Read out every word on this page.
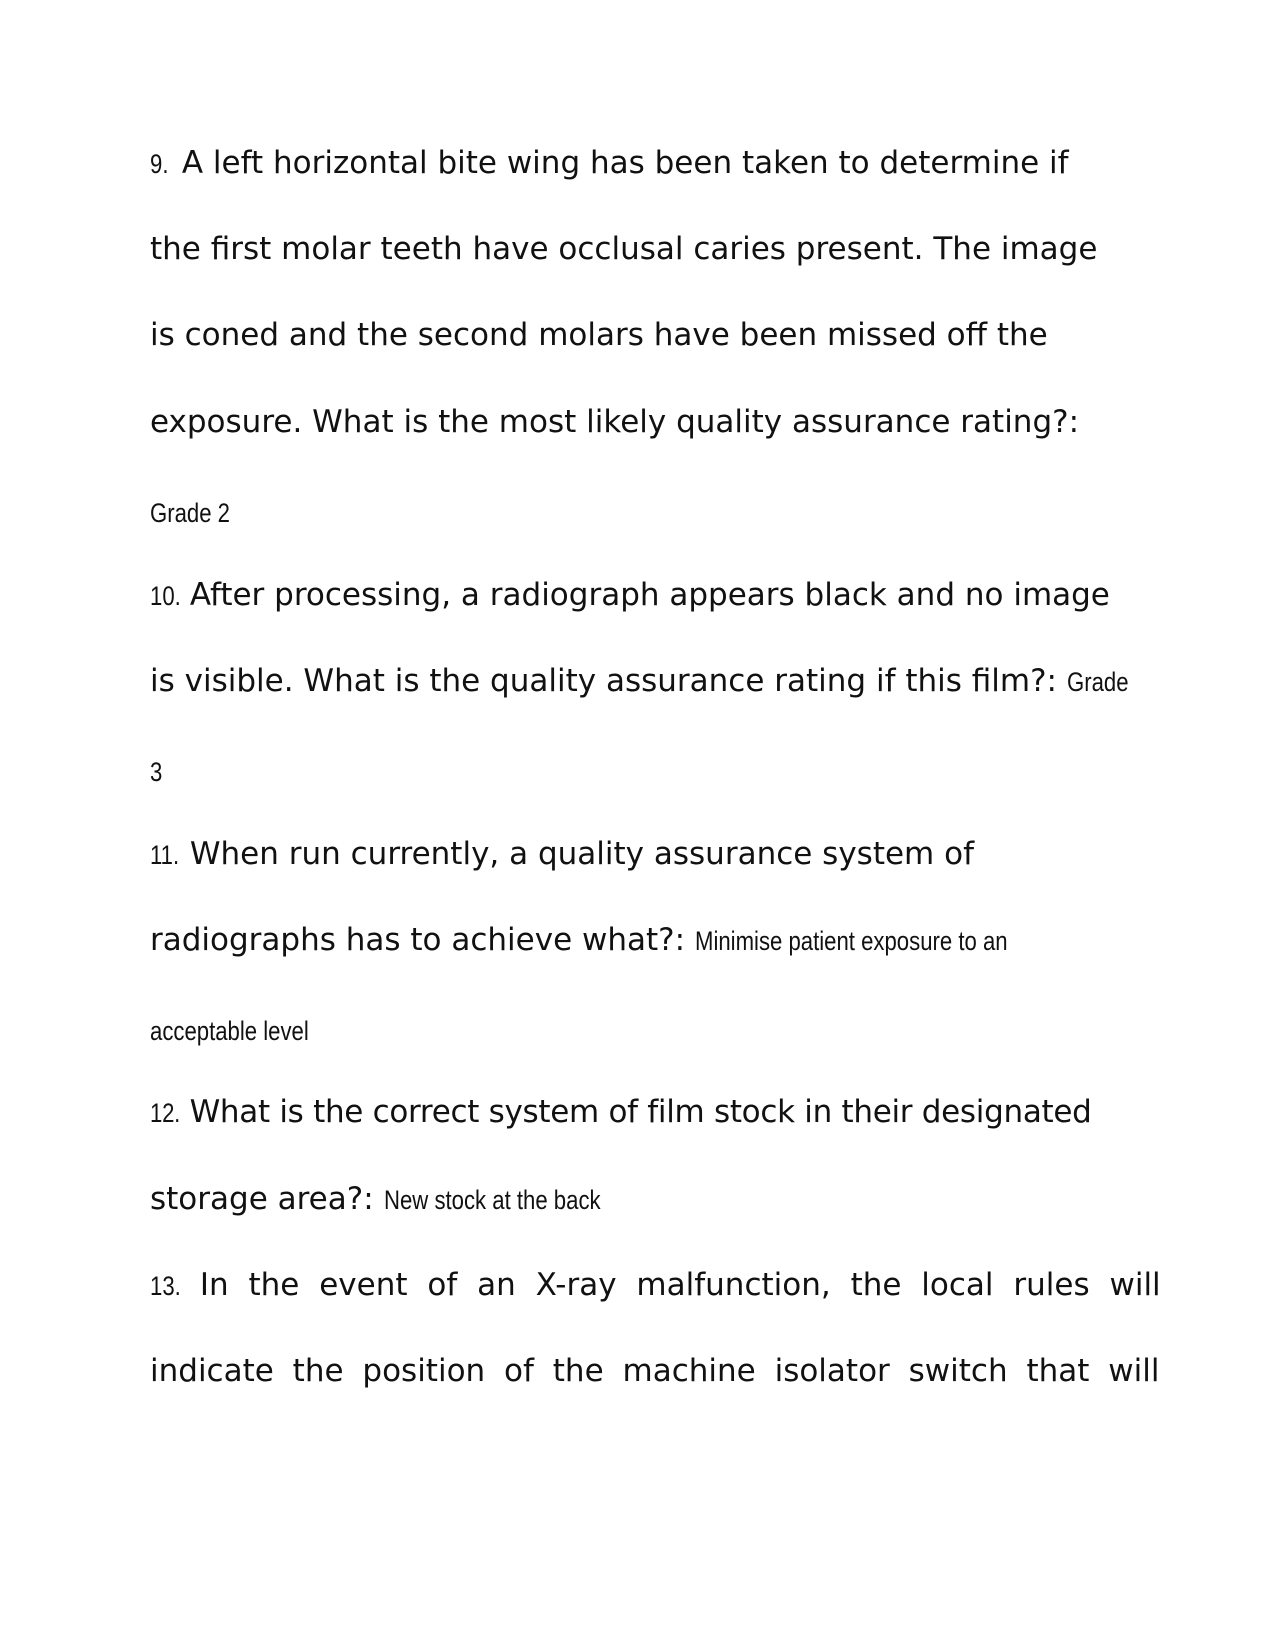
9. A left horizontal bite wing has been taken to determine if
the first molar teeth have occlusal caries present. The image
is coned and the second molars have been missed off the
exposure. What is the most likely quality assurance rating?:
Grade 2
10. After processing, a radiograph appears black and no image
is visible. What is the quality assurance rating if this film?: Grade
3
11. When run currently, a quality assurance system of
radiographs has to achieve what?: Minimise patient exposure to an
acceptable level
12. What is the correct system of film stock in their designated
storage area?: New stock at the back
13. In the event of an X-ray malfunction, the local rules will
indicate the position of the machine isolator switch that will
